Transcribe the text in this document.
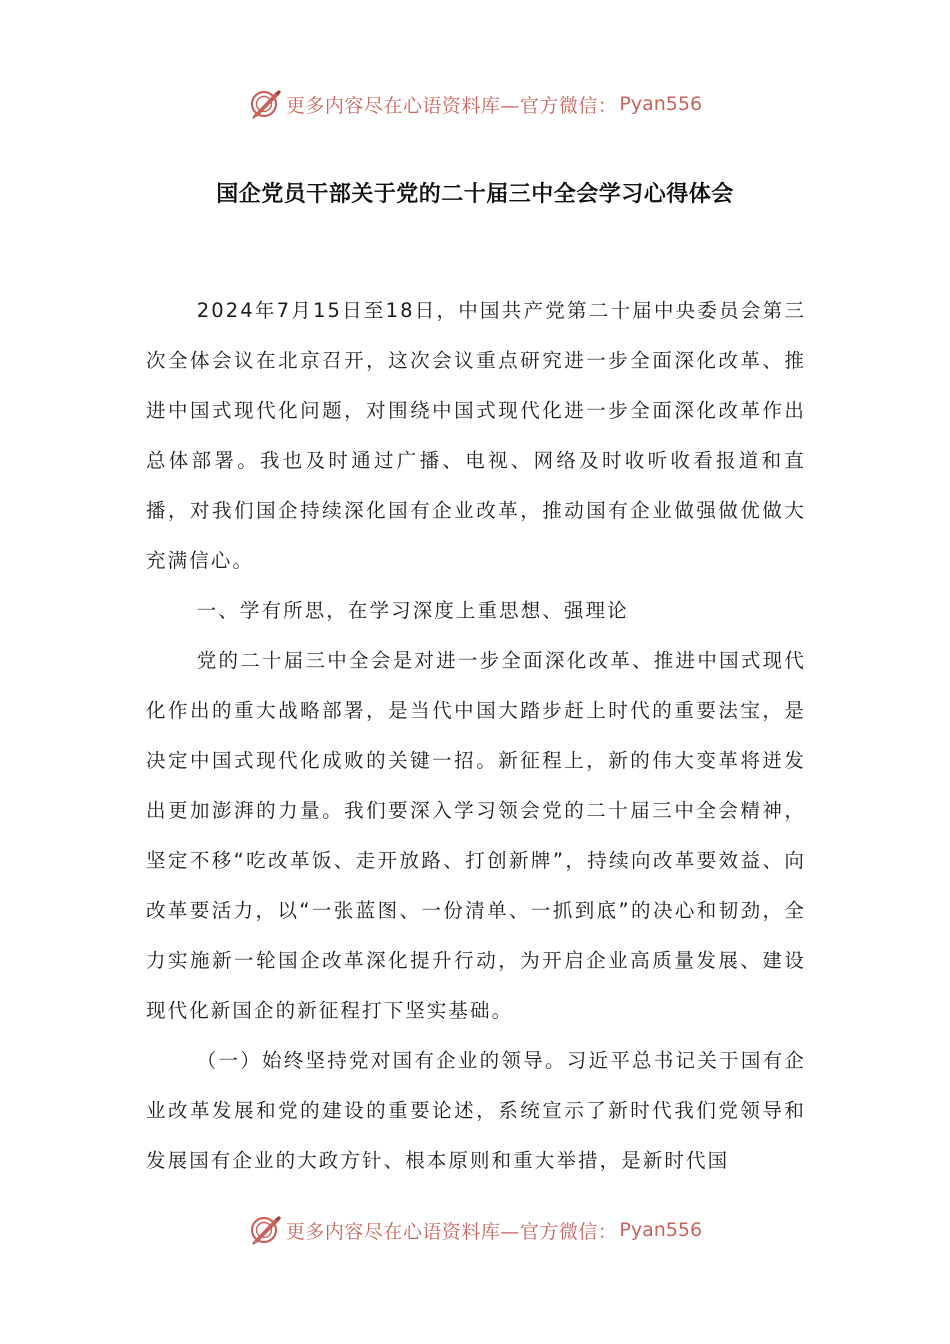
更多内容尽在心语资料库—官方微信： Pyan556
国企党员干部关于党的二十届三中全会学习心得体会

2024年7月15日至18日，中国共产党第二十届中央委员会第三次全体会议在北京召开，这次会议重点研究进一步全面深化改革、推进中国式现代化问题，对围绕中国式现代化进一步全面深化改革作出总体部署。我也及时通过广播、电视、网络及时收听收看报道和直播，对我们国企持续深化国有企业改革，推动国有企业做强做优做大充满信心。

一、学有所思，在学习深度上重思想、强理论

党的二十届三中全会是对进一步全面深化改革、推进中国式现代化作出的重大战略部署，是当代中国大踏步赶上时代的重要法宝，是决定中国式现代化成败的关键一招。新征程上，新的伟大变革将迸发出更加澎湃的力量。我们要深入学习领会党的二十届三中全会精神，坚定不移“吃改革饭、走开放路、打创新牌”，持续向改革要效益、向改革要活力，以“一张蓝图、一份清单、一抓到底”的决心和韧劲，全力实施新一轮国企改革深化提升行动，为开启企业高质量发展、建设现代化新国企的新征程打下坚实基础。

（一）始终坚持党对国有企业的领导。习近平总书记关于国有企业改革发展和党的建设的重要论述，系统宣示了新时代我们党领导和发展国有企业的大政方针、根本原则和重大举措，是新时代国

更多内容尽在心语资料库—官方微信： Pyan556
